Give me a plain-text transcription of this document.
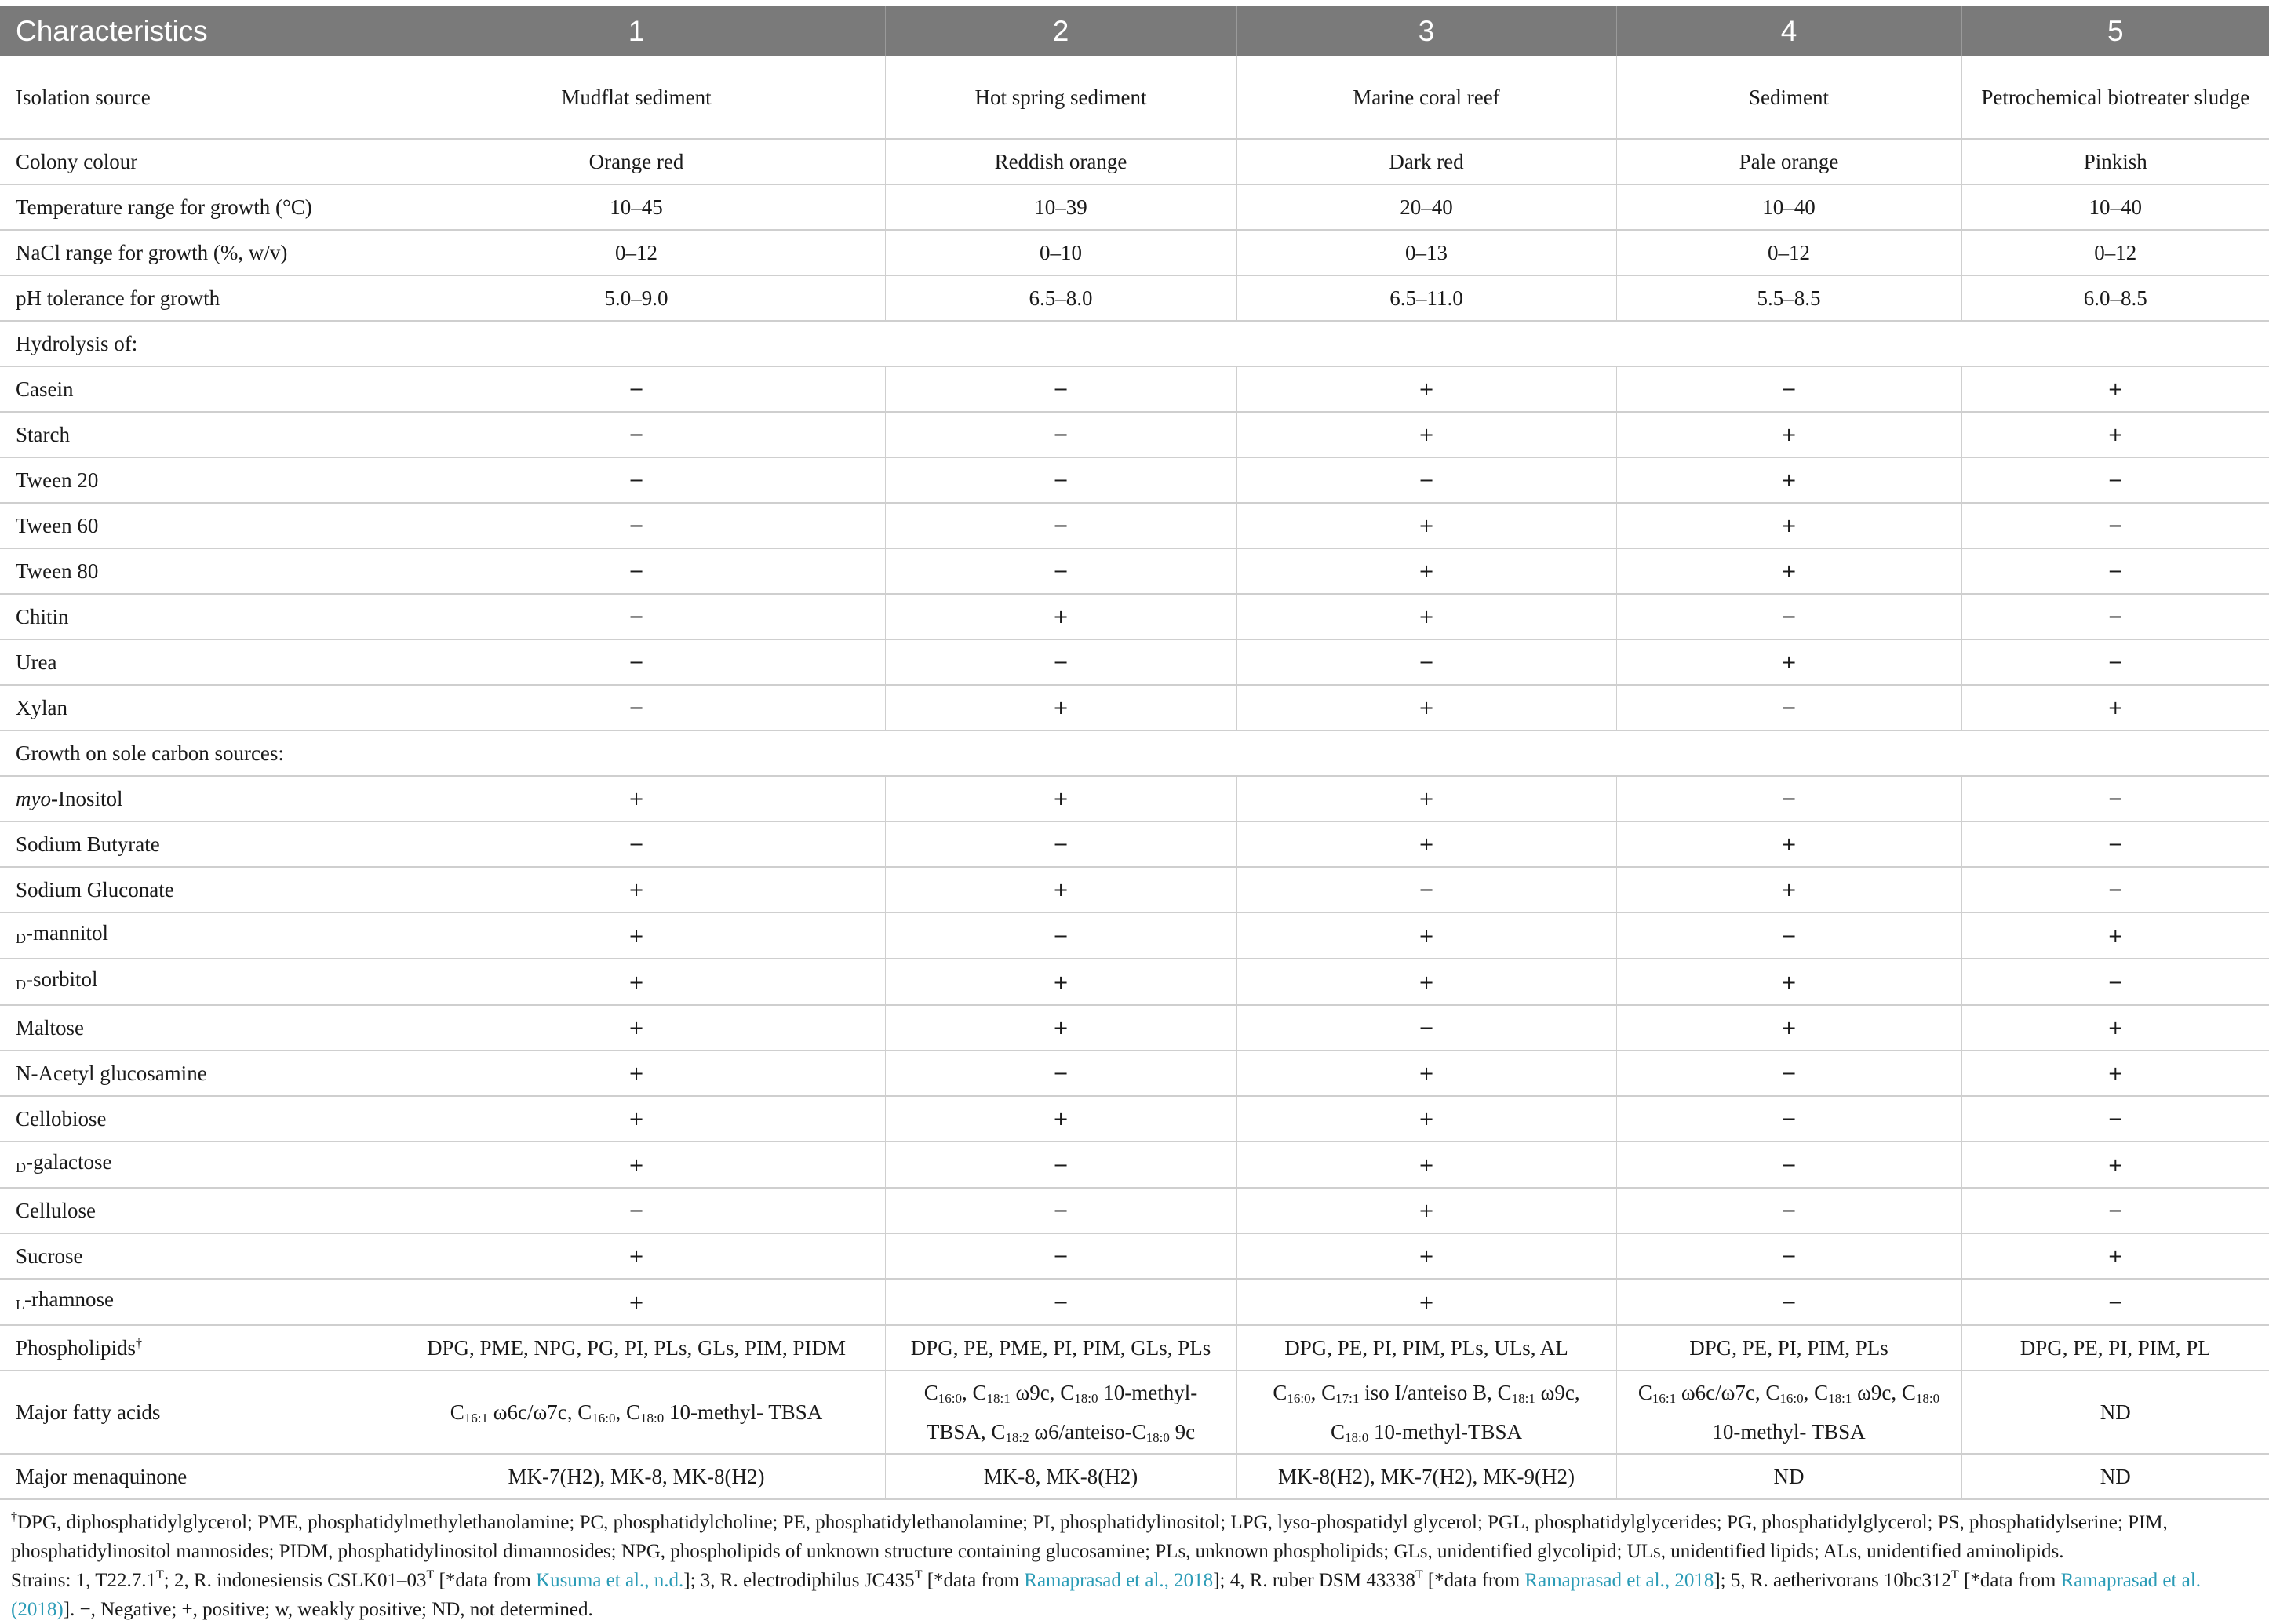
Characteristics	1	2	3	4	5
Isolation source	Mudflat sediment	Hot spring sediment	Marine coral reef	Sediment	Petrochemical biotreater sludge
Colony colour	Orange red	Reddish orange	Dark red	Pale orange	Pinkish
Temperature range for growth (°C)	10–45	10–39	20–40	10–40	10–40
NaCl range for growth (%, w/v)	0–12	0–10	0–13	0–12	0–12
pH tolerance for growth	5.0–9.0	6.5–8.0	6.5–11.0	5.5–8.5	6.0–8.5
Hydrolysis of:					
Casein	−	−	+	−	+
Starch	−	−	+	+	+
Tween 20	−	−	−	+	−
Tween 60	−	−	+	+	−
Tween 80	−	−	+	+	−
Chitin	−	+	+	−	−
Urea	−	−	−	+	−
Xylan	−	+	+	−	+
Growth on sole carbon sources:					
myo-Inositol	+	+	+	−	−
Sodium Butyrate	−	−	+	+	−
Sodium Gluconate	+	+	−	+	−
D-mannitol	+	−	+	−	+
D-sorbitol	+	+	+	+	−
Maltose	+	+	−	+	+
N-Acetyl glucosamine	+	−	+	−	+
Cellobiose	+	+	+	−	−
D-galactose	+	−	+	−	+
Cellulose	−	−	+	−	−
Sucrose	+	−	+	−	+
L-rhamnose	+	−	+	−	−
Phospholipids†	DPG, PME, NPG, PG, PI, PLs, GLs, PIM, PIDM	DPG, PE, PME, PI, PIM, GLs, PLs	DPG, PE, PI, PIM, PLs, ULs, AL	DPG, PE, PI, PIM, PLs	DPG, PE, PI, PIM, PL
Major fatty acids	$C_{16:1}$ ω6c/ω7c, $C_{16:0}$, $C_{18:0}$ 10-methyl- TBSA	$C_{16:0}$, $C_{18:1}$ ω9c, $C_{18:0}$ 10-methyl-TBSA, $C_{18:2}$ $\omega 6/anteiso-C_{18:0}$ 9c	$C_{16:0}$, $C_{17:1}$ iso I/anteiso B, $C_{18:1}$ ω9c, $C_{18:0}$ 10-methyl-TBSA	$C_{16:1}$ ω6c/ω7c, $C_{16:0}$, $C_{18:1}$ ω9c, $C_{18:0}$ 10-methyl- TBSA	ND
Major menaquinone	MK-7(H2), MK-8, MK-8(H2)	MK-8, MK-8(H2)	MK-8(H2), MK-7(H2), MK-9(H2)	ND	ND
†DPG, diphosphatidylglycerol; PME, phosphatidylmethylethanolamine; PC, phosphatidylcholine; PE, phosphatidylethanolamine; PI, phosphatidylinositol; LPG, lyso-phospatidyl glycerol; PGL, phosphatidylglycerides; PG, phosphatidylglycerol; PS, phosphatidylserine; PIM, phosphatidylinositol mannosides; PIDM, phosphatidylinositol dimannosides; NPG, phospholipids of unknown structure containing glucosamine; PLs, unknown phospholipids; GLs, unidentified glycolipid; ULs, unidentified lipids; ALs, unidentified aminolipids.
Strains: 1, $T22.7.1^T$; 2, R. indonesiensis $CSLK01-03^T$ [*data from Kusuma et al., n.d.]; 3, R. electrodiphilus $JC435^T$ [*data from Ramaprasad et al., 2018]; 4, R. ruber DSM $43338^T$ [*data from Ramaprasad et al., 2018]; 5, R. aetherivorans $10bc312^T$ [*data from Ramaprasad et al. (2018)]. −, Negative; +, positive; w, weakly positive; ND, not determined.
